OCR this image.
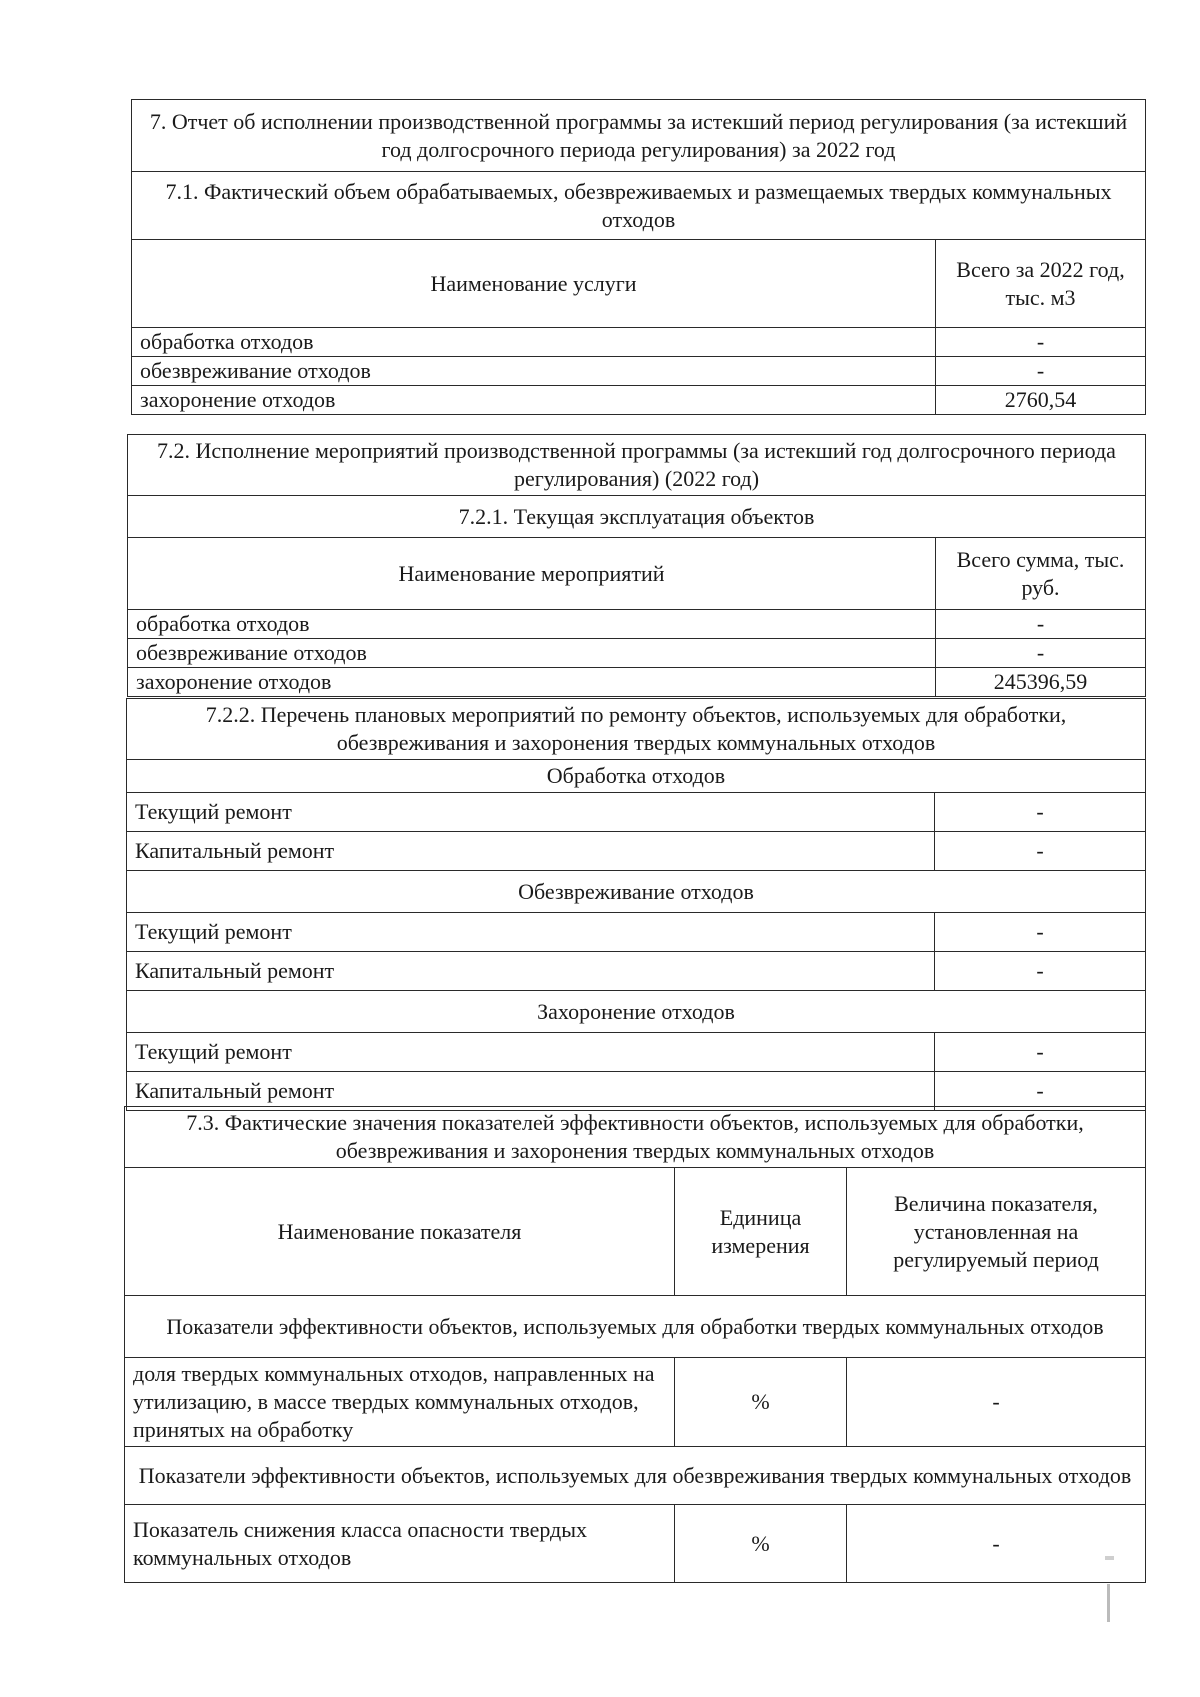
7. Отчет об исполнении производственной программы за истекший период регулирования (за истекший год долгосрочного периода регулирования) за 2022 год	
7.1. Фактический объем обрабатываемых, обезвреживаемых и размещаемых твердых коммунальных отходов	
Наименование услуги	Всего за 2022 год, тыс. м3
обработка отходов	-
обезвреживание отходов	-
захоронение отходов	2760,54
7.2. Исполнение мероприятий производственной программы (за истекший год долгосрочного периода регулирования) (2022 год)	
7.2.1. Текущая эксплуатация объектов	
Наименование мероприятий	Всего сумма, тыс. руб.
обработка отходов	-
обезвреживание отходов	-
захоронение отходов	245396,59
7.2.2. Перечень плановых мероприятий по ремонту объектов, используемых для обработки, обезвреживания и захоронения твердых коммунальных отходов	
Обработка отходов	
Текущий ремонт	-
Капитальный ремонт	-
Обезвреживание отходов	
Текущий ремонт	-
Капитальный ремонт	-
Захоронение отходов	
Текущий ремонт	-
Капитальный ремонт	-
7.3. Фактические значения показателей эффективности объектов, используемых для обработки, обезвреживания и захоронения твердых коммунальных отходов		
Наименование показателя	Единица измерения	Величина показателя, установленная на регулируемый период
Показатели эффективности объектов, используемых для обработки твердых коммунальных отходов		
доля твердых коммунальных отходов, направленных на утилизацию, в массе твердых коммунальных отходов, принятых на обработку	%	-
Показатели эффективности объектов, используемых для обезвреживания твердых коммунальных отходов		
Показатель снижения класса опасности твердых коммунальных отходов	%	-
